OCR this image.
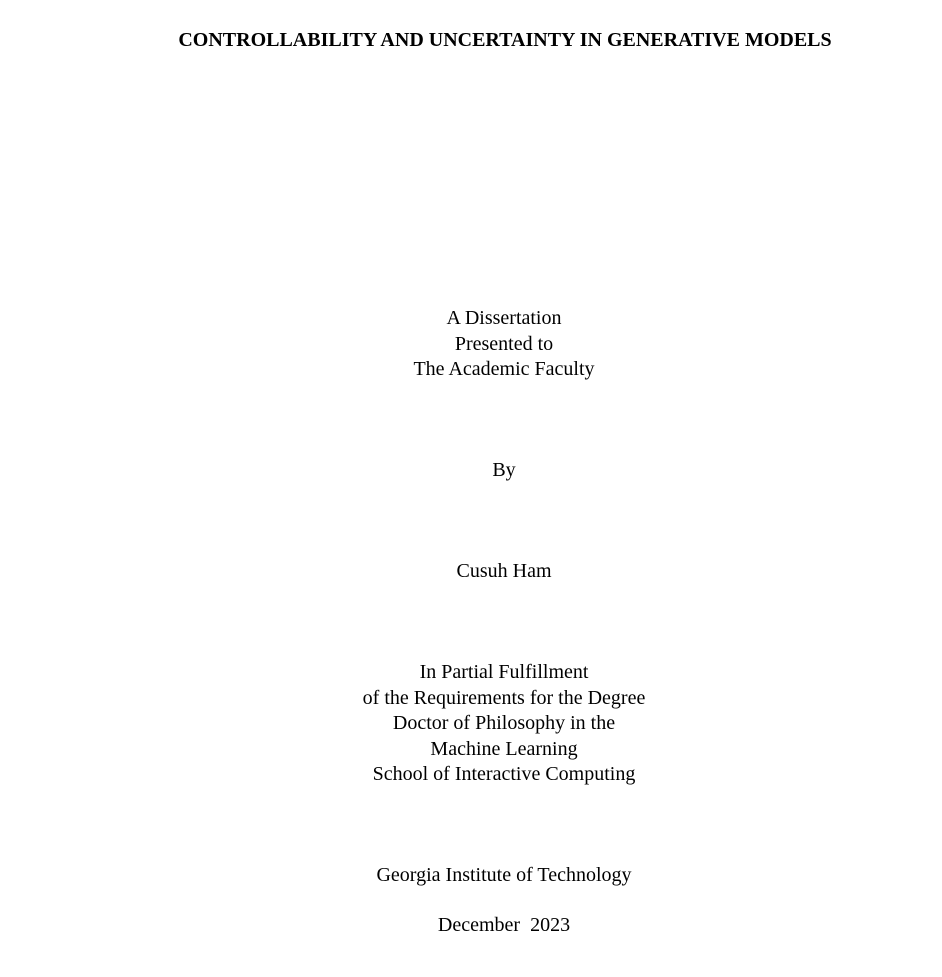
CONTROLLABILITY AND UNCERTAINTY IN GENERATIVE MODELS
A Dissertation
Presented to
The Academic Faculty
By
Cusuh Ham
In Partial Fulfillment
of the Requirements for the Degree
Doctor of Philosophy in the
Machine Learning
School of Interactive Computing
Georgia Institute of Technology
December  2023
